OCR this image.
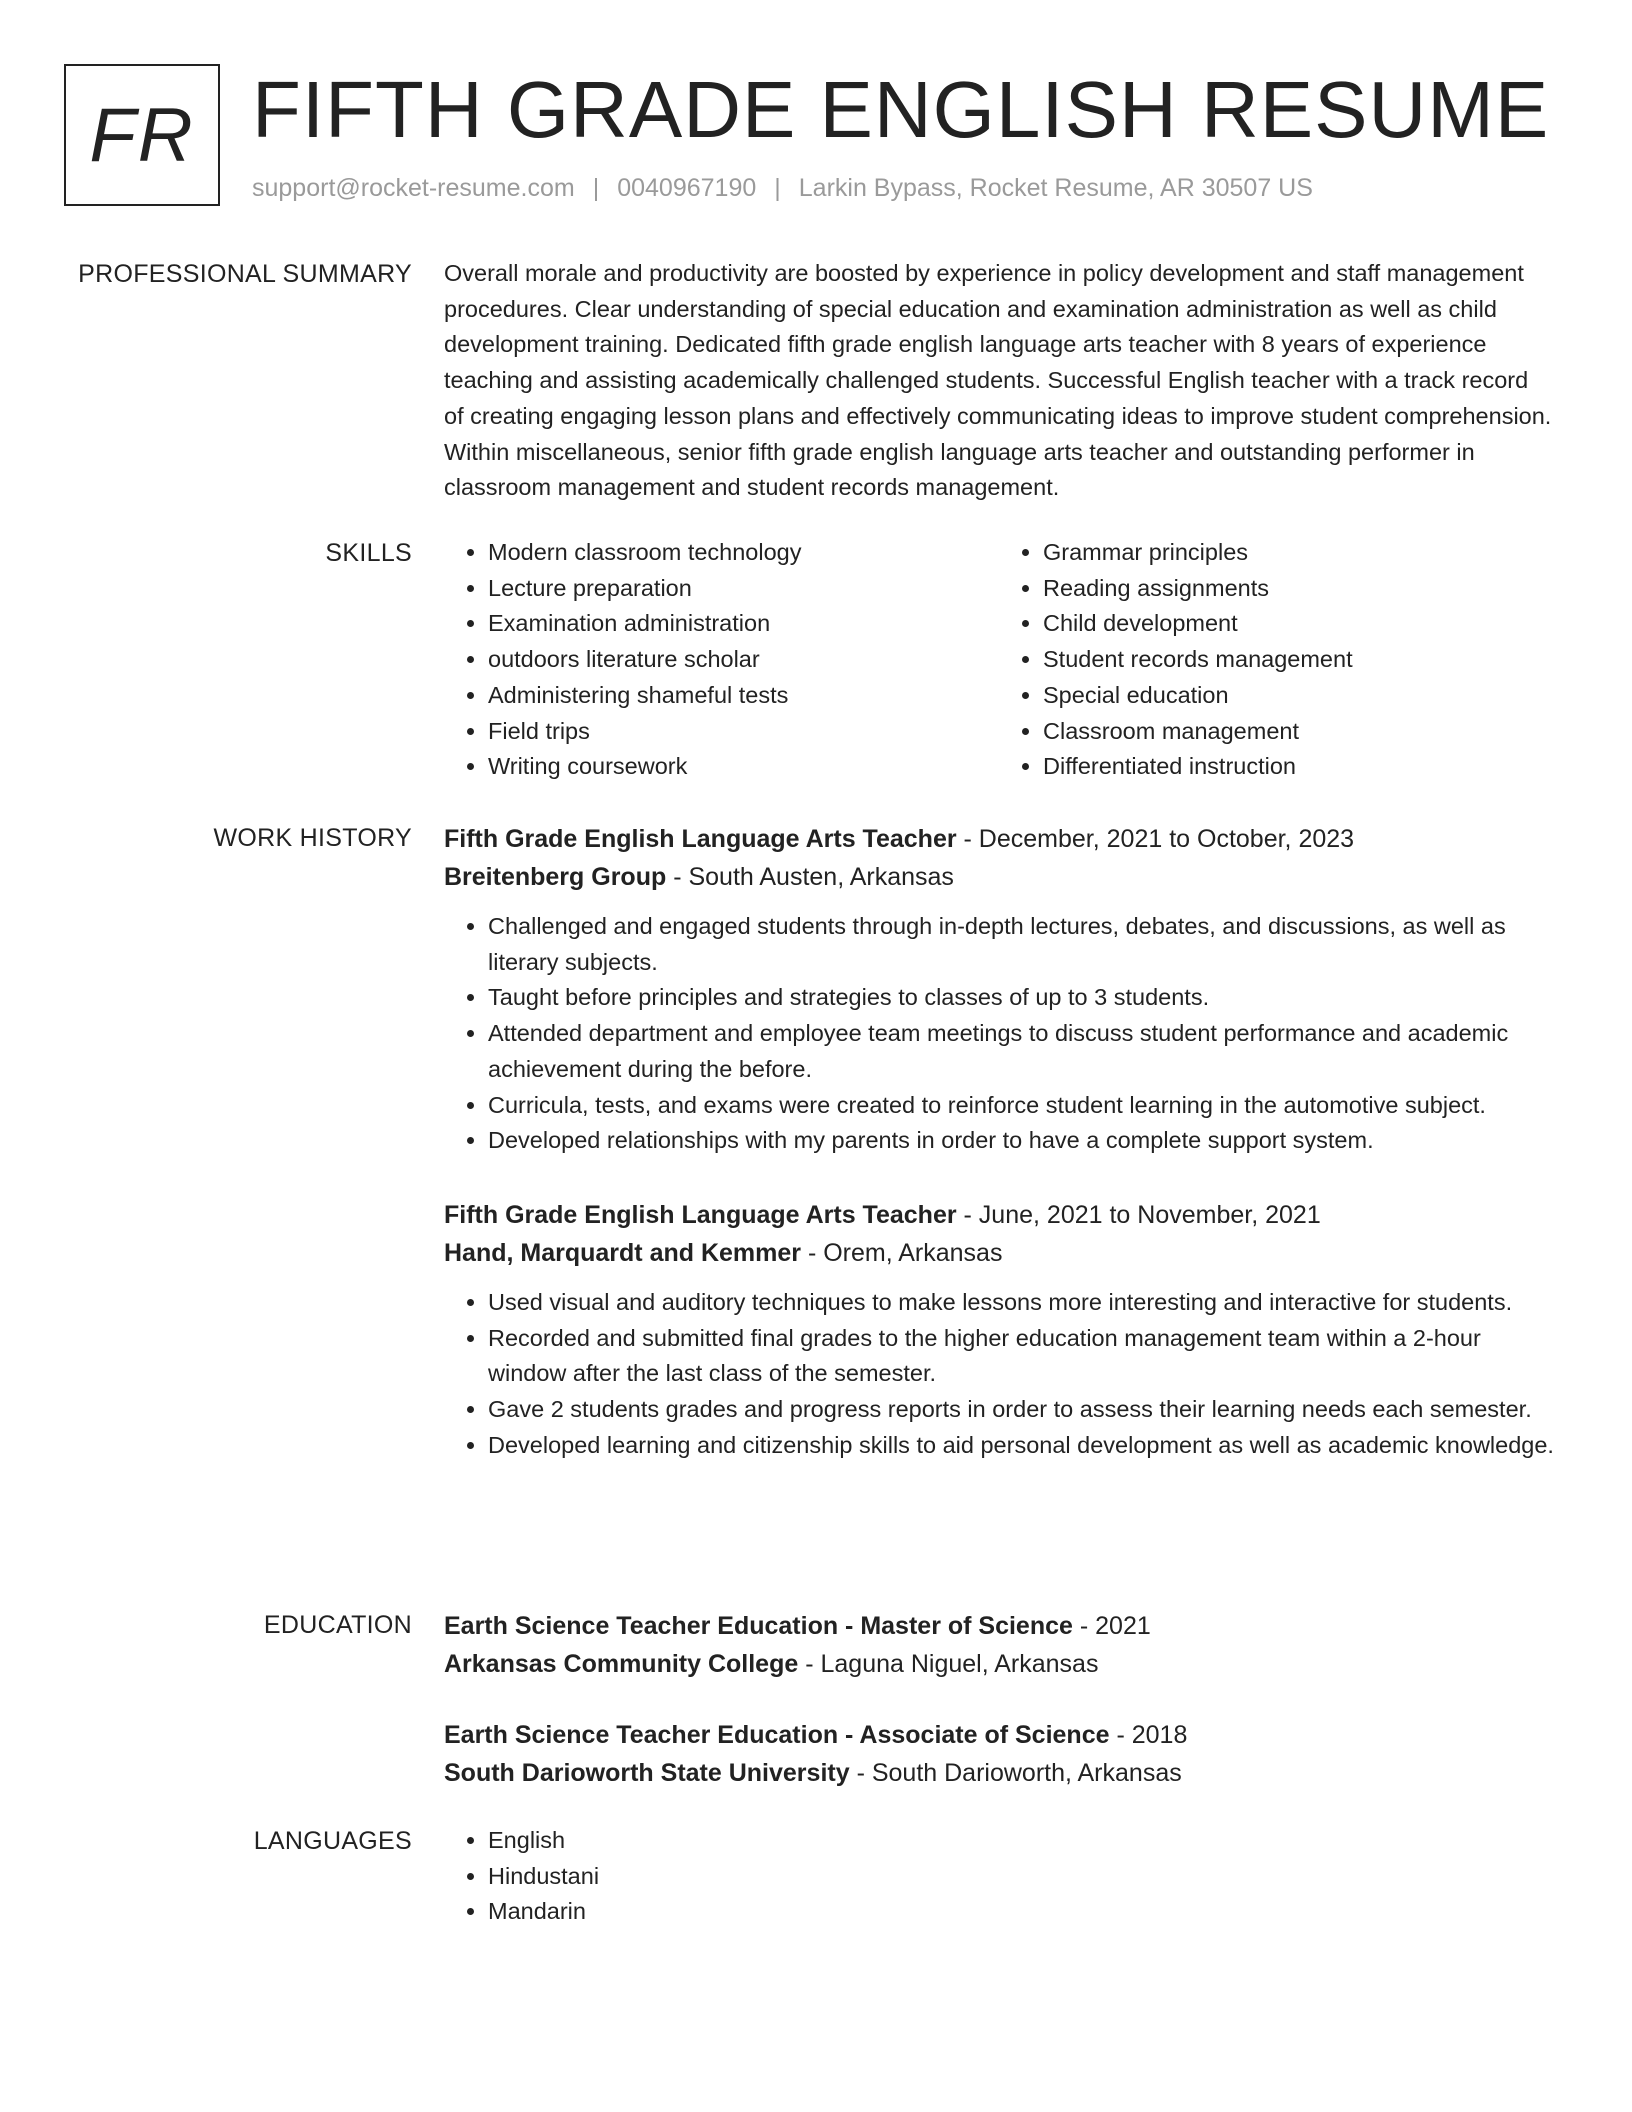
FR FIFTH GRADE ENGLISH RESUME
support@rocket-resume.com | 0040967190 | Larkin Bypass, Rocket Resume, AR 30507 US
PROFESSIONAL SUMMARY Overall morale and productivity are boosted by experience in policy development and staff management procedures. Clear understanding of special education and examination administration as well as child development training. Dedicated fifth grade english language arts teacher with 8 years of experience teaching and assisting academically challenged students. Successful English teacher with a track record of creating engaging lesson plans and effectively communicating ideas to improve student comprehension. Within miscellaneous, senior fifth grade english language arts teacher and outstanding performer in classroom management and student records management.

SKILLS	• Modern classroom technology
• Lecture preparation
• Examination administration
• outdoors literature scholar
• Administering shameful tests
• Field trips
• Writing coursework
• Grammar principles
• Reading assignments
• Child development
• Student records management
• Special education
• Classroom management
• Differentiated instruction
WORK HISTORY Fifth Grade English Language Arts Teacher - December, 2021 to October, 2023
Breitenberg Group - South Austen, Arkansas
• Challenged and engaged students through in-depth lectures, debates, and discussions, as well as literary subjects.
• Taught before principles and strategies to classes of up to 3 students.
• Attended department and employee team meetings to discuss student performance and academic achievement during the before.
• Curricula, tests, and exams were created to reinforce student learning in the automotive subject.
• Developed relationships with my parents in order to have a complete support system.
Fifth Grade English Language Arts Teacher - June, 2021 to November, 2021
Hand, Marquardt and Kemmer - Orem, Arkansas
• Used visual and auditory techniques to make lessons more interesting and interactive for students.
• Recorded and submitted final grades to the higher education management team within a 2-hour window after the last class of the semester.
• Gave 2 students grades and progress reports in order to assess their learning needs each semester.
• Developed learning and citizenship skills to aid personal development as well as academic knowledge.
EDUCATION Earth Science Teacher Education - Master of Science - 2021
Arkansas Community College - Laguna Niguel, Arkansas
Earth Science Teacher Education - Associate of Science - 2018
South Darioworth State University - South Darioworth, Arkansas
LANGUAGES	• English
• Hindustani
• Mandarin
